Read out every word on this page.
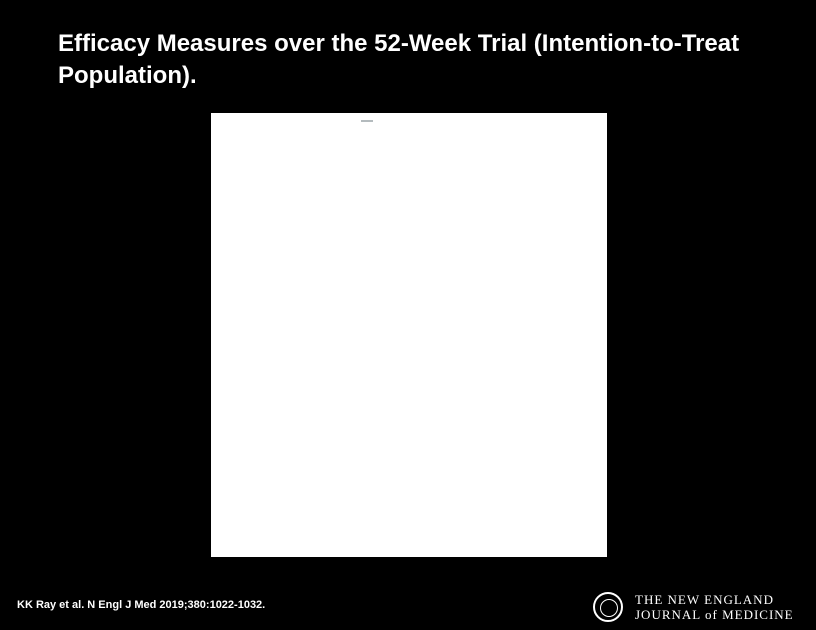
Efficacy Measures over the 52-Week Trial (Intention-to-Treat Population).
KK Ray et al. N Engl J Med 2019;380:1022-1032.	THE NEW ENGLAND
JOURNAL of MEDICINE
